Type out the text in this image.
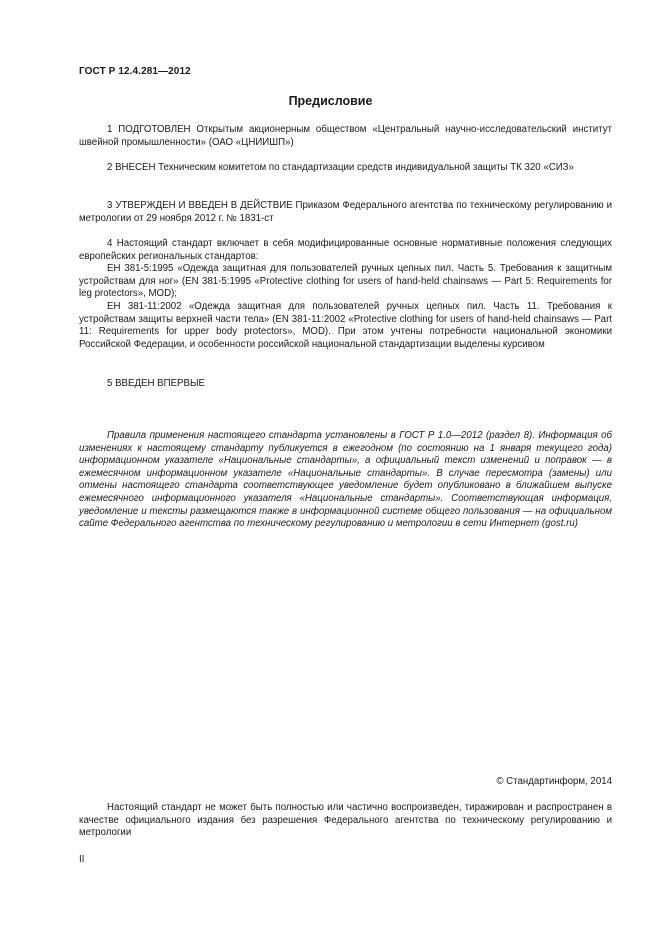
ГОСТ Р 12.4.281—2012
Предисловие

1 ПОДГОТОВЛЕН Открытым акционерным обществом «Центральный научно-исследовательский институт швейной промышленности» (ОАО «ЦНИИШП»)

2 ВНЕСЕН Техническим комитетом по стандартизации средств индивидуальной защиты ТК 320 «СИЗ»

3 УТВЕРЖДЕН И ВВЕДЕН В ДЕЙСТВИЕ Приказом Федерального агентства по техническому регулированию и метрологии от 29 ноября 2012 г. № 1831-ст

4 Настоящий стандарт включает в себя модифицированные основные нормативные положения следующих европейских региональных стандартов:

ЕН 381-5:1995 «Одежда защитная для пользователей ручных цепных пил. Часть 5. Требования к защитным устройствам для ног» (EN 381-5:1995 «Protective clothing for users of hand-held chainsaws — Part 5: Requirements for leg protectors», MOD);

ЕН 381-11:2002 «Одежда защитная для пользователей ручных цепных пил. Часть 11. Требования к устройствам защиты верхней части тела» (EN 381-11:2002 «Protective clothing for users of hand-held chainsaws — Part 11: Requirements for upper body protectors», MOD). При этом учтены потребности национальной экономики Российской Федерации, и особенности российской национальной стандартизации выделены курсивом

5 ВВЕДЕН ВПЕРВЫЕ

Правила применения настоящего стандарта установлены в ГОСТ Р 1.0—2012 (раздел 8). Информация об изменениях к настоящему стандарту публикуется в ежегодном (по состоянию на 1 января текущего года) информационном указателе «Национальные стандарты», а официальный текст изменений и поправок — в ежемесячном информационном указателе «Национальные стандарты». В случае пересмотра (замены) или отмены настоящего стандарта соответствующее уведомление будет опубликовано в ближайшем выпуске ежемесячного информационного указателя «Национальные стандарты». Соответствующая информация, уведомление и тексты размещаются также в информационной системе общего пользования — на официальном сайте Федерального агентства по техническому регулированию и метрологии в сети Интернет (gost.ru)

© Стандартинформ, 2014

Настоящий стандарт не может быть полностью или частично воспроизведен, тиражирован и распространен в качестве официального издания без разрешения Федерального агентства по техническому регулированию и метрологии

II
